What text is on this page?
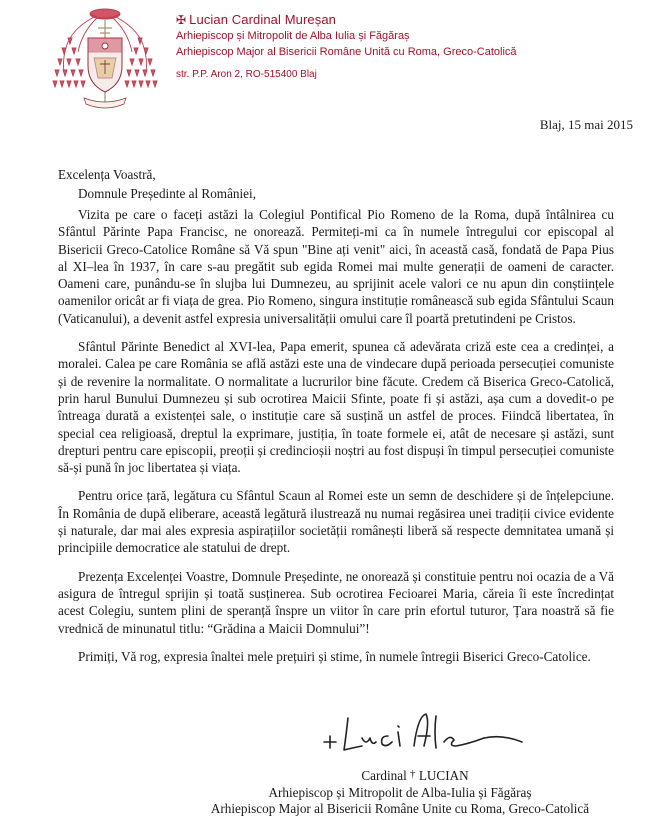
✠ Lucian Cardinal Mureșan
Arhiepiscop și Mitropolit de Alba Iulia și Făgăraș
Arhiepiscop Major al Bisericii Române Unită cu Roma, Greco-Catolică
str. P.P. Aron 2, RO-515400 Blaj
Blaj, 15 mai 2015
Excelența Voastră,
Domnule Președinte al României,

Vizita pe care o faceți astăzi la Colegiul Pontifical Pio Romeno de la Roma, după întâlnirea cu Sfântul Părinte Papa Francisc, ne onorează. Permiteți-mi ca în numele întregului cor episcopal al Bisericii Greco-Catolice Române să Vă spun "Bine ați venit" aici, în această casă, fondată de Papa Pius al XI–lea în 1937, în care s-au pregătit sub egida Romei mai multe generații de oameni de caracter. Oameni care, punându-se în slujba lui Dumnezeu, au sprijinit acele valori ce nu apun din conștiințele oamenilor oricât ar fi viața de grea. Pio Romeno, singura instituție românească sub egida Sfântului Scaun (Vaticanului), a devenit astfel expresia universalității omului care îl poartă pretutindeni pe Cristos.

Sfântul Părinte Benedict al XVI-lea, Papa emerit, spunea că adevărata criză este cea a credinței, a moralei. Calea pe care România se află astăzi este una de vindecare după perioada persecuției comuniste și de revenire la normalitate. O normalitate a lucrurilor bine făcute. Credem că Biserica Greco-Catolică, prin harul Bunului Dumnezeu și sub ocrotirea Maicii Sfinte, poate fi și astăzi, așa cum a dovedit-o pe întreaga durată a existenței sale, o instituție care să susțină un astfel de proces. Fiindcă libertatea, în special cea religioasă, dreptul la exprimare, justiția, în toate formele ei, atât de necesare și astăzi, sunt drepturi pentru care episcopii, preoții și credincioșii noștri au fost dispuși în timpul persecuției comuniste să-și pună în joc libertatea și viața.

Pentru orice țară, legătura cu Sfântul Scaun al Romei este un semn de deschidere și de înțelepciune. În România de după eliberare, această legătură ilustrează nu numai regăsirea unei tradiții civice evidente și naturale, dar mai ales expresia aspirațiilor societății românești liberă să respecte demnitatea umană și principiile democratice ale statului de drept.

Prezența Excelenței Voastre, Domnule Președinte, ne onorează și constituie pentru noi ocazia de a Vă asigura de întregul sprijin și toată susținerea. Sub ocrotirea Fecioarei Maria, căreia îi este încredințat acest Colegiu, suntem plini de speranță înspre un viitor în care prin efortul tuturor, Țara noastră să fie vrednică de minunatul titlu: “Grădina a Maicii Domnului”!

Primiți, Vă rog, expresia înaltei mele prețuiri și stime, în numele întregii Biserici Greco-Catolice.

Cardinal † LUCIAN
Arhiepiscop și Mitropolit de Alba-Iulia și Făgăraș
Arhiepiscop Major al Bisericii Române Unite cu Roma, Greco-Catolică
